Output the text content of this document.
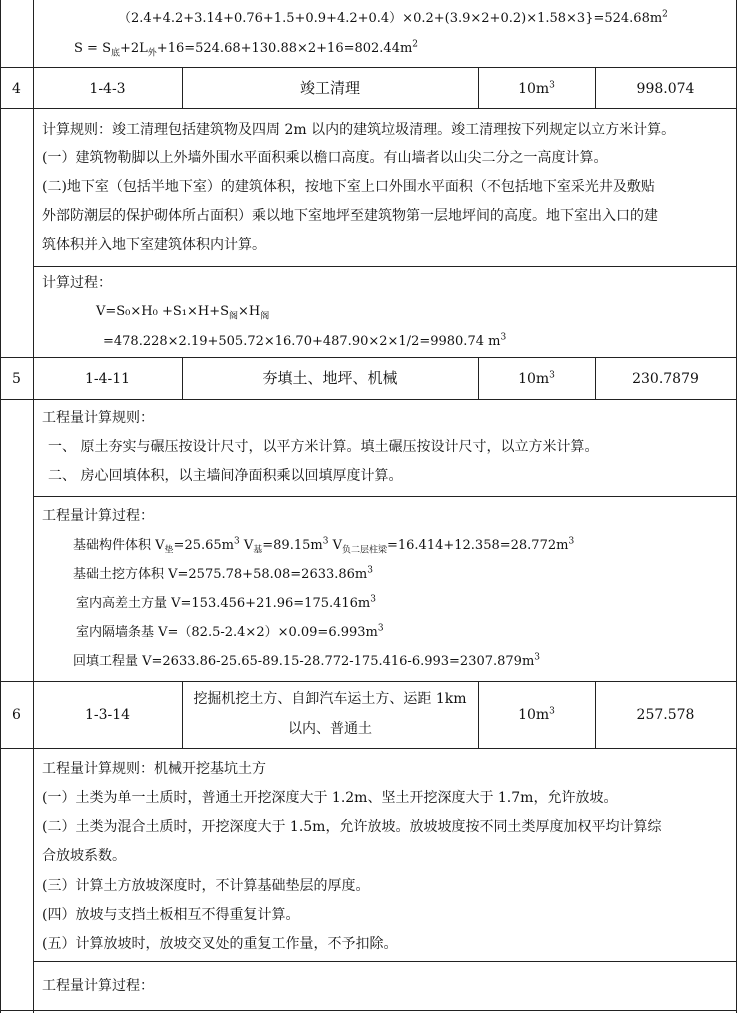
$(2.4+4.2+3.14+0.76+1.5+0.9+4.2+0.4)\times 0.2+(3.9\times 2+0.2)\times 1.58\times 3\}=524.68m^2$
$S = S_底+2L_外+16=524.68+130.88\times 2+16=802.44m^2$
4	1-4-3	竣工清理	$10m^3$	998.074
计算规则：竣工清理包括建筑物及四周 2m 以内的建筑垃圾清理。竣工清理按下列规定以立方米计算。
(一）建筑物勒脚以上外墙外围水平面积乘以檐口高度。有山墙者以山尖二分之一高度计算。
(二)地下室（包括半地下室）的建筑体积，按地下室上口外围水平面积（不包括地下室采光井及敷贴
外部防潮层的保护砌体所占面积）乘以地下室地坪至建筑物第一层地坪间的高度。地下室出入口的建
筑体积并入地下室建筑体积内计算。
计算过程：
$V=S_0\times H_0 +S_1\times H+S_阁\times H_阁$
=478.228×2.19+505.72×16.70+487.90×2×1/2=9980.74 $m^3$
5	1-4-11	夯填土、地坪、机械	$10m^3$	230.7879
工程量计算规则：
一、 原土夯实与碾压按设计尺寸，以平方米计算。填土碾压按设计尺寸，以立方米计算。
二、 房心回填体积，以主墙间净面积乘以回填厚度计算。
工程量计算过程：
基础构件体积 $V_垫=25.65m^3$ $V_基=89.15m^3$ $V_{负二层柱梁}=16.414+12.358=28.772m^3$
基础土挖方体积 $V=2575.78+58.08=2633.86m^3$
室内高差土方量 $V=153.456+21.96=175.416m^3$
室内隔墙条基 $V=(82.5-2.4\times 2)\times 0.09=6.993m^3$
回填工程量 $V=2633.86-25.65-89.15-28.772-175.416-6.993=2307.879m^3$
6	1-3-14
挖掘机挖土方、自卸汽车运土方、运距 1km
以内、普通土
$10m^3$	257.578
工程量计算规则：机械开挖基坑土方
(一）土类为单一土质时，普通土开挖深度大于 1.2m、坚土开挖深度大于 1.7m，允许放坡。
(二）土类为混合土质时，开挖深度大于 1.5m，允许放坡。放坡坡度按不同土类厚度加权平均计算综
合放坡系数。
(三）计算土方放坡深度时，不计算基础垫层的厚度。
(四）放坡与支挡土板相互不得重复计算。
(五）计算放坡时，放坡交叉处的重复工作量，不予扣除。
工程量计算过程：
